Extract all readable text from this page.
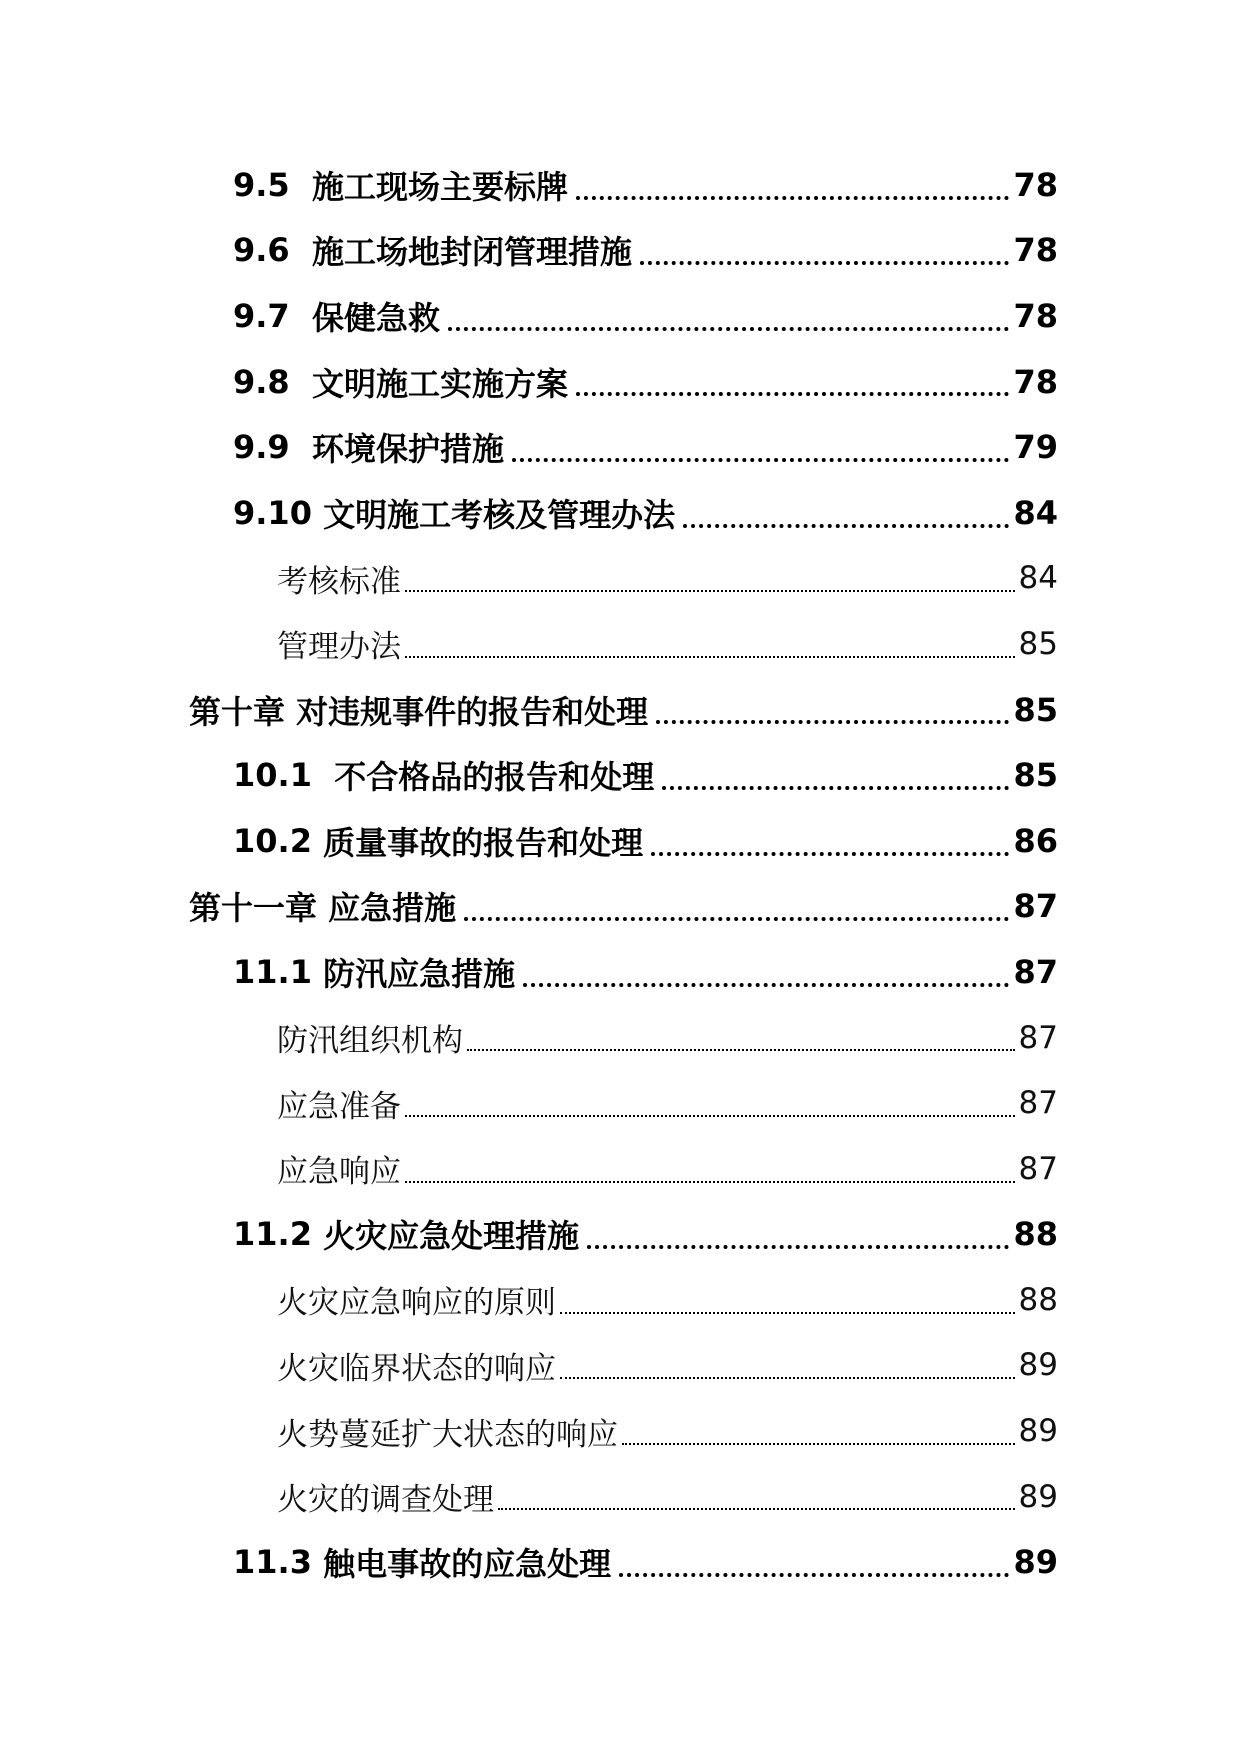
9.5 施工现场主要标牌	78
9.6 施工场地封闭管理措施	78
9.7 保健急救	78
9.8 文明施工实施方案	78
9.9 环境保护措施	79
9.10 文明施工考核及管理办法	84
考核标准	84
管理办法	85
第十章 对违规事件的报告和处理	85
10.1 不合格品的报告和处理	85
10.2 质量事故的报告和处理	86
第十一章 应急措施	87
11.1 防汛应急措施	87
防汛组织机构	87
应急准备	87
应急响应	87
11.2 火灾应急处理措施	88
火灾应急响应的原则	88
火灾临界状态的响应	89
火势蔓延扩大状态的响应	89
火灾的调查处理	89
11.3 触电事故的应急处理	89
